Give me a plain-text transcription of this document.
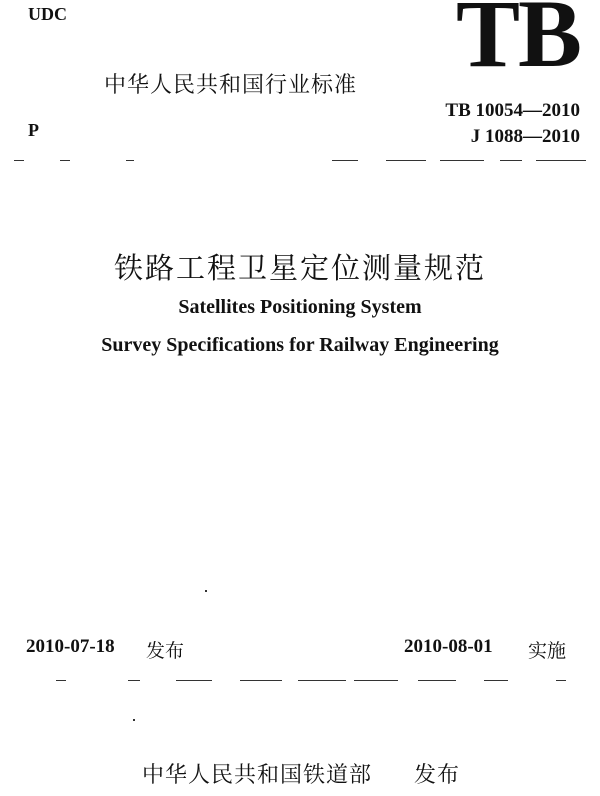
UDC
中华人民共和国行业标准 TB
TB 10054—2010
P	J 1088—2010
铁路工程卫星定位测量规范
Satellites Positioning System
Survey Specifications for Railway Engineering
2010-07-18 发布	2010-08-01 实施
中华人民共和国铁道部 发布
